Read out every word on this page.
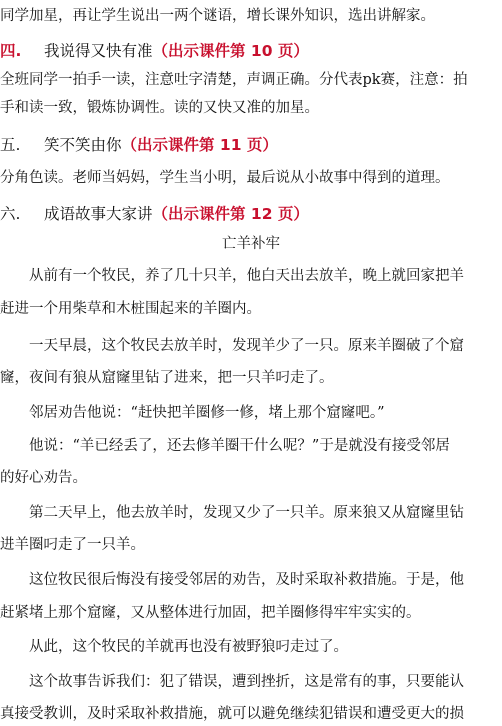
同学加星，再让学生说出一两个谜语，增长课外知识，选出讲解家。
四. 我说得又快有准（出示课件第 10 页）
全班同学一拍手一读，注意吐字清楚，声调正确。分代表pk赛，注意：拍
手和读一致，锻炼协调性。读的又快又准的加星。
五. 笑不笑由你（出示课件第 11 页）
分角色读。老师当妈妈，学生当小明，最后说从小故事中得到的道理。
六. 成语故事大家讲（出示课件第 12 页）
亡羊补牢
从前有一个牧民，养了几十只羊，他白天出去放羊，晚上就回家把羊
赶进一个用柴草和木桩围起来的羊圈内。
一天早晨，这个牧民去放羊时，发现羊少了一只。原来羊圈破了个窟
窿，夜间有狼从窟窿里钻了进来，把一只羊叼走了。
邻居劝告他说：“赶快把羊圈修一修，堵上那个窟窿吧。”
他说：“羊已经丢了，还去修羊圈干什么呢？”于是就没有接受邻居
的好心劝告。
第二天早上，他去放羊时，发现又少了一只羊。原来狼又从窟窿里钻
进羊圈叼走了一只羊。
这位牧民很后悔没有接受邻居的劝告，及时采取补救措施。于是，他
赶紧堵上那个窟窿，又从整体进行加固，把羊圈修得牢牢实实的。
从此，这个牧民的羊就再也没有被野狼叼走过了。
这个故事告诉我们：犯了错误，遭到挫折，这是常有的事，只要能认
真接受教训，及时采取补救措施，就可以避免继续犯错误和遭受更大的损
